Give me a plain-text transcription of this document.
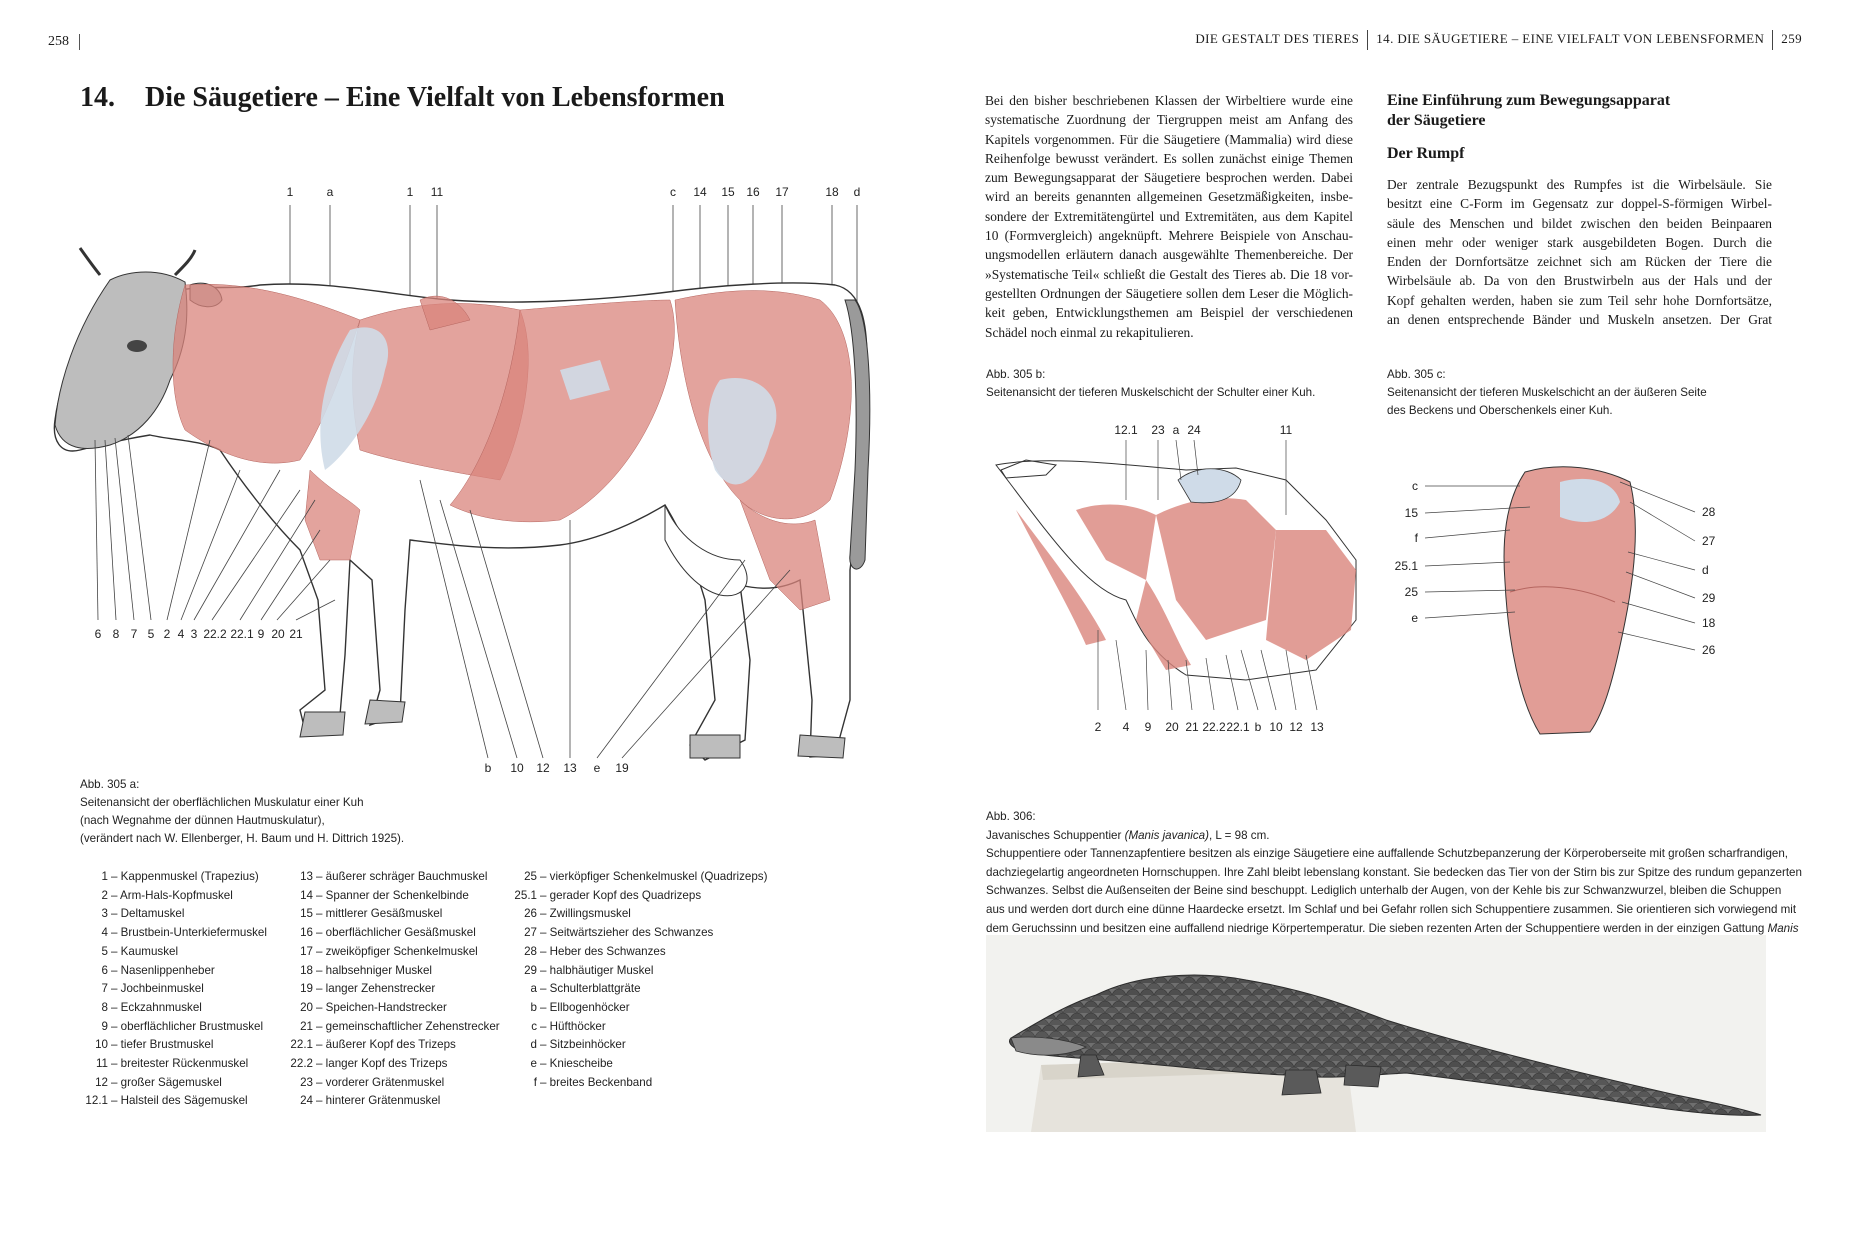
258
14. Die Säugetiere – Eine Vielfalt von Lebensformen
1	a	1 11	c 14 15 16 17	18 d
6 8 7 5 2 4 3 22.2 22.1 9 20 21
b 10 12 13 e 19
Abb. 305 a:
Seitenansicht der oberflächlichen Muskulatur einer Kuh
(nach Wegnahme der dünnen Hautmuskulatur),
(verändert nach W. Ellenberger, H. Baum und H. Dittrich 1925).
1 – Kappenmuskel (Trapezius)
2 – Arm-Hals-Kopfmuskel
3 – Deltamuskel
4 – Brustbein-Unterkiefermuskel
5 – Kaumuskel
6 – Nasenlippenheber
7 – Jochbeinmuskel
8 – Eckzahnmuskel
9 – oberflächlicher Brustmuskel
10 – tiefer Brustmuskel
11 – breitester Rückenmuskel
12 – großer Sägemuskel
12.1 – Halsteil des Sägemuskel
13 – äußerer schräger Bauchmuskel
14 – Spanner der Schenkelbinde
15 – mittlerer Gesäßmuskel
16 – oberflächlicher Gesäßmuskel
17 – zweiköpfiger Schenkelmuskel
18 – halbsehniger Muskel
19 – langer Zehenstrecker
20 – Speichen-Handstrecker
21 – gemeinschaftlicher Zehenstrecker
22.1 – äußerer Kopf des Trizeps
22.2 – langer Kopf des Trizeps
23 – vorderer Grätenmuskel
24 – hinterer Grätenmuskel
25 – vierköpfiger Schenkelmuskel (Quadrizeps)
25.1 – gerader Kopf des Quadrizeps
26 – Zwillingsmuskel
27 – Seitwärtszieher des Schwanzes
28 – Heber des Schwanzes
29 – halbhäutiger Muskel
a – Schulterblattgräte
b – Ellbogenhöcker
c – Hüfthöcker
d – Sitzbeinhöcker
e – Kniescheibe
f – breites Beckenband
DIE GESTALT DES TIERES 14. DIE SÄUGETIERE – EINE VIELFALT VON LEBENSFORMEN 259
Bei den bisher beschriebenen Klassen der Wirbeltiere wurde eine
systematische Zuordnung der Tiergruppen meist am Anfang des
Kapitels vorgenommen. Für die Säugetiere (Mammalia) wird diese
Reihenfolge bewusst verändert. Es sollen zunächst einige Themen
zum Bewegungsapparat der Säugetiere besprochen werden. Dabei
wird an bereits genannten allgemeinen Gesetzmäßigkeiten, insbe-
sondere der Extremitätengürtel und Extremitäten, aus dem Kapitel
10 (Formvergleich) angeknüpft. Mehrere Beispiele von Anschau-
ungsmodellen erläutern danach ausgewählte Themenbereiche. Der
»Systematische Teil« schließt die Gestalt des Tieres ab. Die 18 vor-
gestellten Ordnungen der Säugetiere sollen dem Leser die Möglich-
keit geben, Entwicklungsthemen am Beispiel der verschiedenen
Schädel noch einmal zu rekapitulieren.
Eine Einführung zum Bewegungsapparat
der Säugetiere
Der Rumpf
Der zentrale Bezugspunkt des Rumpfes ist die Wirbelsäule. Sie
besitzt eine C-Form im Gegensatz zur doppel-S-förmigen Wirbel-
säule des Menschen und bildet zwischen den beiden Beinpaaren
einen mehr oder weniger stark ausgebildeten Bogen. Durch die
Enden der Dornfortsätze zeichnet sich am Rücken der Tiere die
Wirbelsäule ab. Da von den Brustwirbeln aus der Hals und der
Kopf gehalten werden, haben sie zum Teil sehr hohe Dornfortsätze,
an denen entsprechende Bänder und Muskeln ansetzen. Der Grat
Abb. 305 b:
Seitenansicht der tieferen Muskelschicht der Schulter einer Kuh.
12.1 23 a 24	11
2 4 9 20 21 22.2 22.1 b 10 12 13
Abb. 305 c:
Seitenansicht der tieferen Muskelschicht an der äußeren Seite
des Beckens und Oberschenkels einer Kuh.
c
15
f
25.1
25
e
28
27
d
29
18
26
Abb. 306:
Javanisches Schuppentier (Manis javanica), L = 98 cm.
Schuppentiere oder Tannenzapfentiere besitzen als einzige Säugetiere eine auffallende Schutzbepanzerung der Körperoberseite mit großen scharfrandigen,
dachziegelartig angeordneten Hornschuppen. Ihre Zahl bleibt lebenslang konstant. Sie bedecken das Tier von der Stirn bis zur Spitze des rundum gepanzerten
Schwanzes. Selbst die Außenseiten der Beine sind beschuppt. Lediglich unterhalb der Augen, von der Kehle bis zur Schwanzwurzel, bleiben die Schuppen
aus und werden dort durch eine dünne Haardecke ersetzt. Im Schlaf und bei Gefahr rollen sich Schuppentiere zusammen. Sie orientieren sich vorwiegend mit
dem Geruchssinn und besitzen eine auffallend niedrige Körpertemperatur. Die sieben rezenten Arten der Schuppentiere werden in der einzigen Gattung Manis
